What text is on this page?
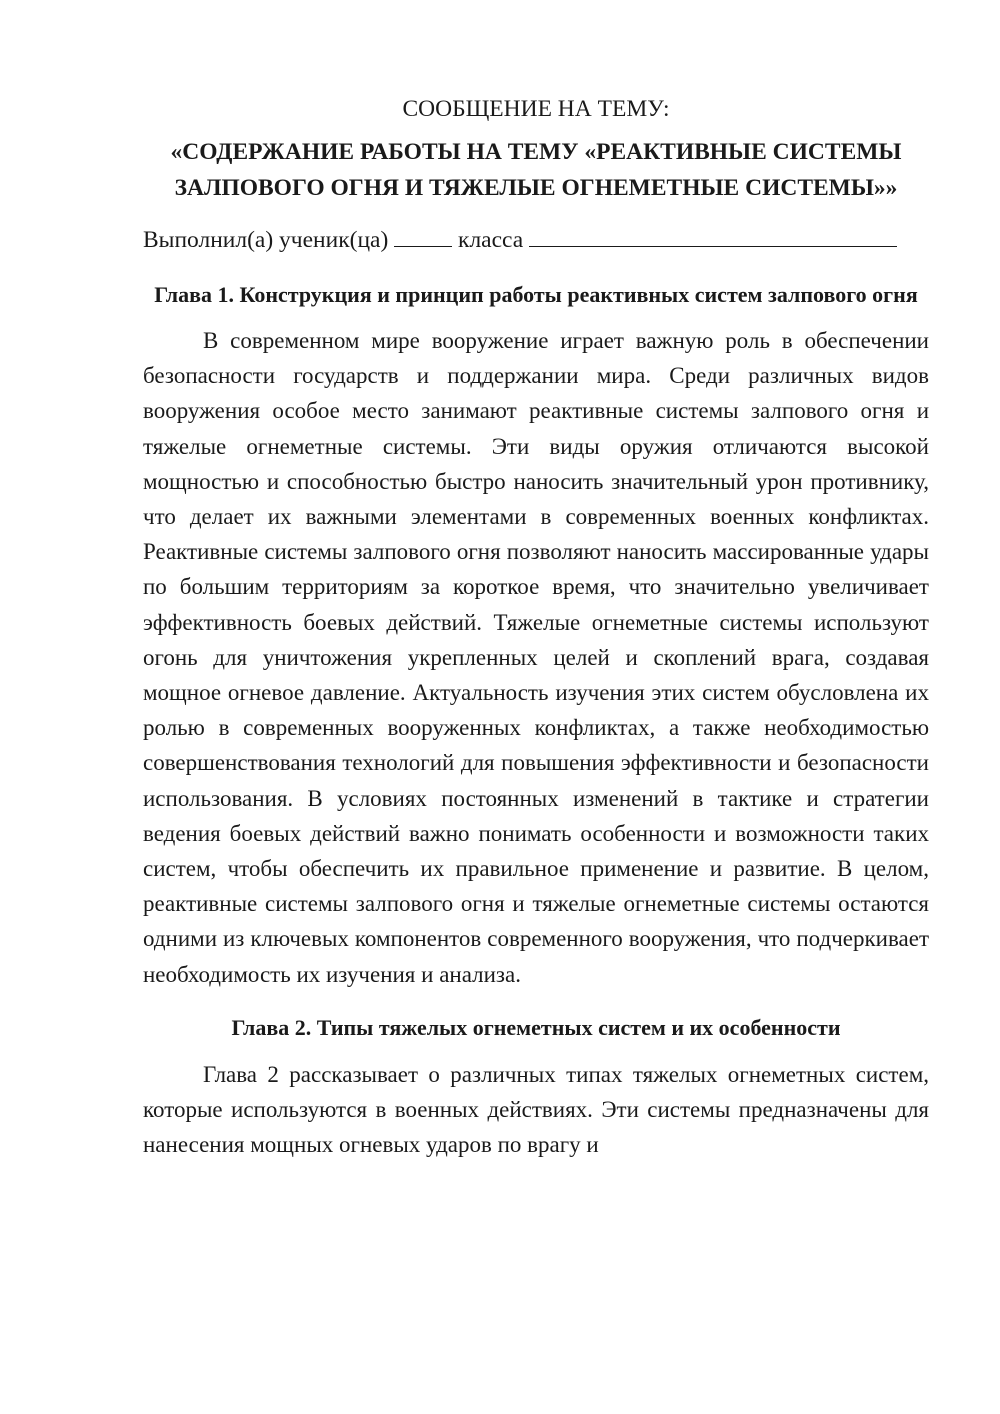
СООБЩЕНИЕ НА ТЕМУ:

«СОДЕРЖАНИЕ РАБОТЫ НА ТЕМУ «РЕАКТИВНЫЕ СИСТЕМЫ
ЗАЛПОВОГО ОГНЯ И ТЯЖЕЛЫЕ ОГНЕМЕТНЫЕ СИСТЕМЫ»»

Выполнил(а) ученик(ца)	класса

Глава 1. Конструкция и принцип работы реактивных систем залпового огня

В современном мире вооружение играет важную роль в обеспечении безопасности государств и поддержании мира. Среди различных видов вооружения особое место занимают реактивные системы залпового огня и тяжелые огнеметные системы. Эти виды оружия отличаются высокой мощностью и способностью быстро наносить значительный урон противнику, что делает их важными элементами в современных военных конфликтах. Реактивные системы залпового огня позволяют наносить массированные удары по большим территориям за короткое время, что значительно увеличивает эффективность боевых действий. Тяжелые огнеметные системы используют огонь для уничтожения укрепленных целей и скоплений врага, создавая мощное огневое давление. Актуальность изучения этих систем обусловлена их ролью в современных вооруженных конфликтах, а также необходимостью совершенствования технологий для повышения эффективности и безопасности использования. В условиях постоянных изменений в тактике и стратегии ведения боевых действий важно понимать особенности и возможности таких систем, чтобы обеспечить их правильное применение и развитие. В целом, реактивные системы залпового огня и тяжелые огнеметные системы остаются одними из ключевых компонентов современного вооружения, что подчеркивает необходимость их изучения и анализа.

Глава 2. Типы тяжелых огнеметных систем и их особенности

Глава 2 рассказывает о различных типах тяжелых огнеметных систем, которые используются в военных действиях. Эти системы предназначены для нанесения мощных огневых ударов по врагу и
